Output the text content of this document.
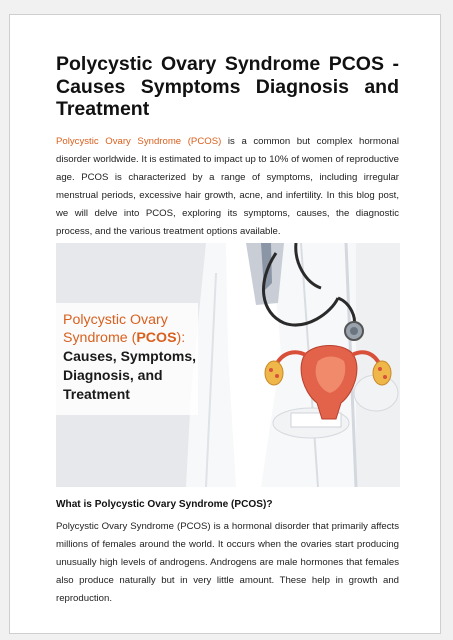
Polycystic Ovary Syndrome PCOS - Causes Symptoms Diagnosis and Treatment

Polycystic Ovary Syndrome (PCOS) is a common but complex hormonal disorder worldwide. It is estimated to impact up to 10% of women of reproductive age. PCOS is characterized by a range of symptoms, including irregular menstrual periods, excessive hair growth, acne, and infertility. In this blog post, we will delve into PCOS, exploring its symptoms, causes, the diagnostic process, and the various treatment options available.

Polycystic Ovary
Syndrome (PCOS):
Causes, Symptoms,
Diagnosis, and
Treatment
What is Polycystic Ovary Syndrome (PCOS)?

Polycystic Ovary Syndrome (PCOS) is a hormonal disorder that primarily affects millions of females around the world. It occurs when the ovaries start producing unusually high levels of androgens. Androgens are male hormones that females also produce naturally but in very little amount. These help in growth and reproduction.
